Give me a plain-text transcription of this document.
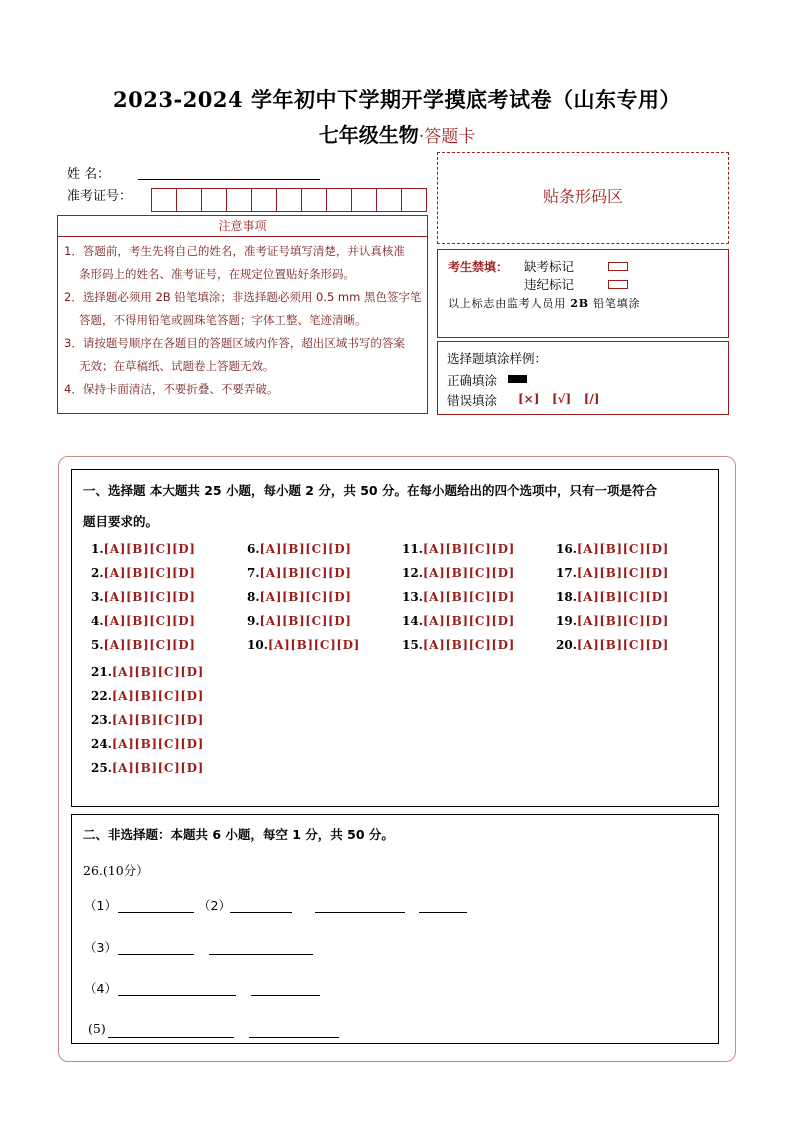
2023-2024 学年初中下学期开学摸底考试卷（山东专用）
七年级生物·答题卡
姓 名：
准考证号：	贴条形码区
注意事项
1．答题前，考生先将自己的姓名，准考证号填写清楚，并认真核准
条形码上的姓名、准考证号，在规定位置贴好条形码。
2．选择题必须用 2B 铅笔填涂；非选择题必须用 0.5 mm 黑色签字笔
答题，不得用铅笔或圆珠笔答题；字体工整、笔迹清晰。
3．请按题号顺序在各题目的答题区域内作答，超出区域书写的答案
无效；在草稿纸、试题卷上答题无效。
4．保持卡面清洁，不要折叠、不要弄破。
考生禁填： 缺考标记
违纪标记
以上标志由监考人员用 2B 铅笔填涂
选择题填涂样例：
正确填涂
错误填涂 [×]   [√]   [/]
一、选择题 本大题共 25 小题，每小题 2 分，共 50 分。在每小题给出的四个选项中，只有一项是符合
题目要求的。
1.[A][B][C][D]
2.[A][B][C][D]
3.[A][B][C][D]
4.[A][B][C][D]
5.[A][B][C][D]
6.[A][B][C][D]
7.[A][B][C][D]
8.[A][B][C][D]
9.[A][B][C][D]
10.[A][B][C][D]
11.[A][B][C][D]
12.[A][B][C][D]
13.[A][B][C][D]
14.[A][B][C][D]
15.[A][B][C][D]
16.[A][B][C][D]
17.[A][B][C][D]
18.[A][B][C][D]
19.[A][B][C][D]
20.[A][B][C][D]
21.[A][B][C][D]
22.[A][B][C][D]
23.[A][B][C][D]
24.[A][B][C][D]
25.[A][B][C][D]
二、非选择题：本题共 6 小题，每空 1 分，共 50 分。
26.(10分）
（1）	（2）
（3）
（4）
(5)
